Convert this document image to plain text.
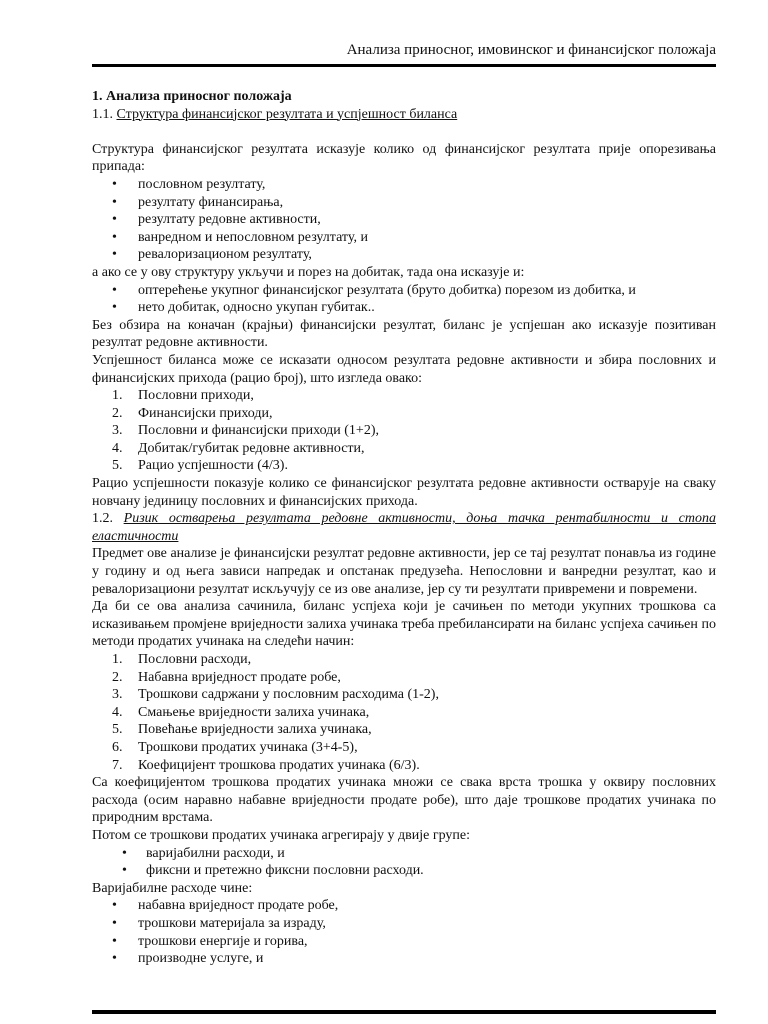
Анализа приносног, имовинског и финансијског положаја

1. Анализа приносног положаја

1.1. Структура финансијског резултата и успјешност биланса

Структура финансијског резултата исказује колико од финансијског резултата прије опорезивања припада:

• пословном резултату,
• резултату финансирања,
• резултату редовне активности,
• ванредном и непословном резултату, и
• ревалоризационом резултату,

а ако се у ову структуру укључи и порез на добитак, тада она исказује и:

• оптерећење укупног финансијског резултата (бруто добитка) порезом из добитка, и
• нето добитак, односно укупан губитак..

Без обзира на коначан (крајњи) финансијски резултат, биланс је успјешан ако исказује позитиван резултат редовне активности.

Успјешност биланса може се исказати односом резултата редовне активности и збира пословних и финансијских прихода (рацио број), што изгледа овако:

1. Пословни приходи,
2. Финансијски приходи,
3. Пословни и финансијски приходи (1+2),
4. Добитак/губитак редовне активности,
5. Рацио успјешности (4/3).

Рацио успјешности показује колико се финансијског резултата редовне активности остварује на сваку новчану јединицу пословних и финансијских прихода.

1.2. Ризик остварења резултата редовне активности, доња тачка рентабилности и стопа еластичности

Предмет ове анализе је финансијски резултат редовне активности, јер се тај резултат понавља из године у годину и од њега зависи напредак и опстанак предузећа. Непословни и ванредни резултат, као и ревалоризациони резултат искључују се из ове анализе, јер су ти резултати привремени и повремени.

Да би се ова анализа сачинила, биланс успјеха који је сачињен по методи укупних трошкова са исказивањем промјене вриједности залиха учинака треба пребилансирати на биланс успјеха сачињен по методи продатих учинака на следећи начин:

1. Пословни расходи,
2. Набавна вриједност продате робе,
3. Трошкови садржани у пословним расходима (1-2),
4. Смањење вриједности залиха учинака,
5. Повећање вриједности залиха учинака,
6. Трошкови продатих учинака (3+4-5),
7. Коефицијент трошкова продатих учинака (6/3).

Са коефицијентом трошкова продатих учинака множи се свака врста трошка у оквиру пословних расхода (осим наравно набавне вриједности продате робе), што даје трошкове продатих учинака по природним врстама.

Потом се трошкови продатих учинака агрегирају у двије групе:

• варијабилни расходи, и
• фиксни и претежно фиксни пословни расходи.

Варијабилне расходе чине:

• набавна вриједност продате робе,
• трошкови материјала за израду,
• трошкови енергије и горива,
• производне услуге, и
